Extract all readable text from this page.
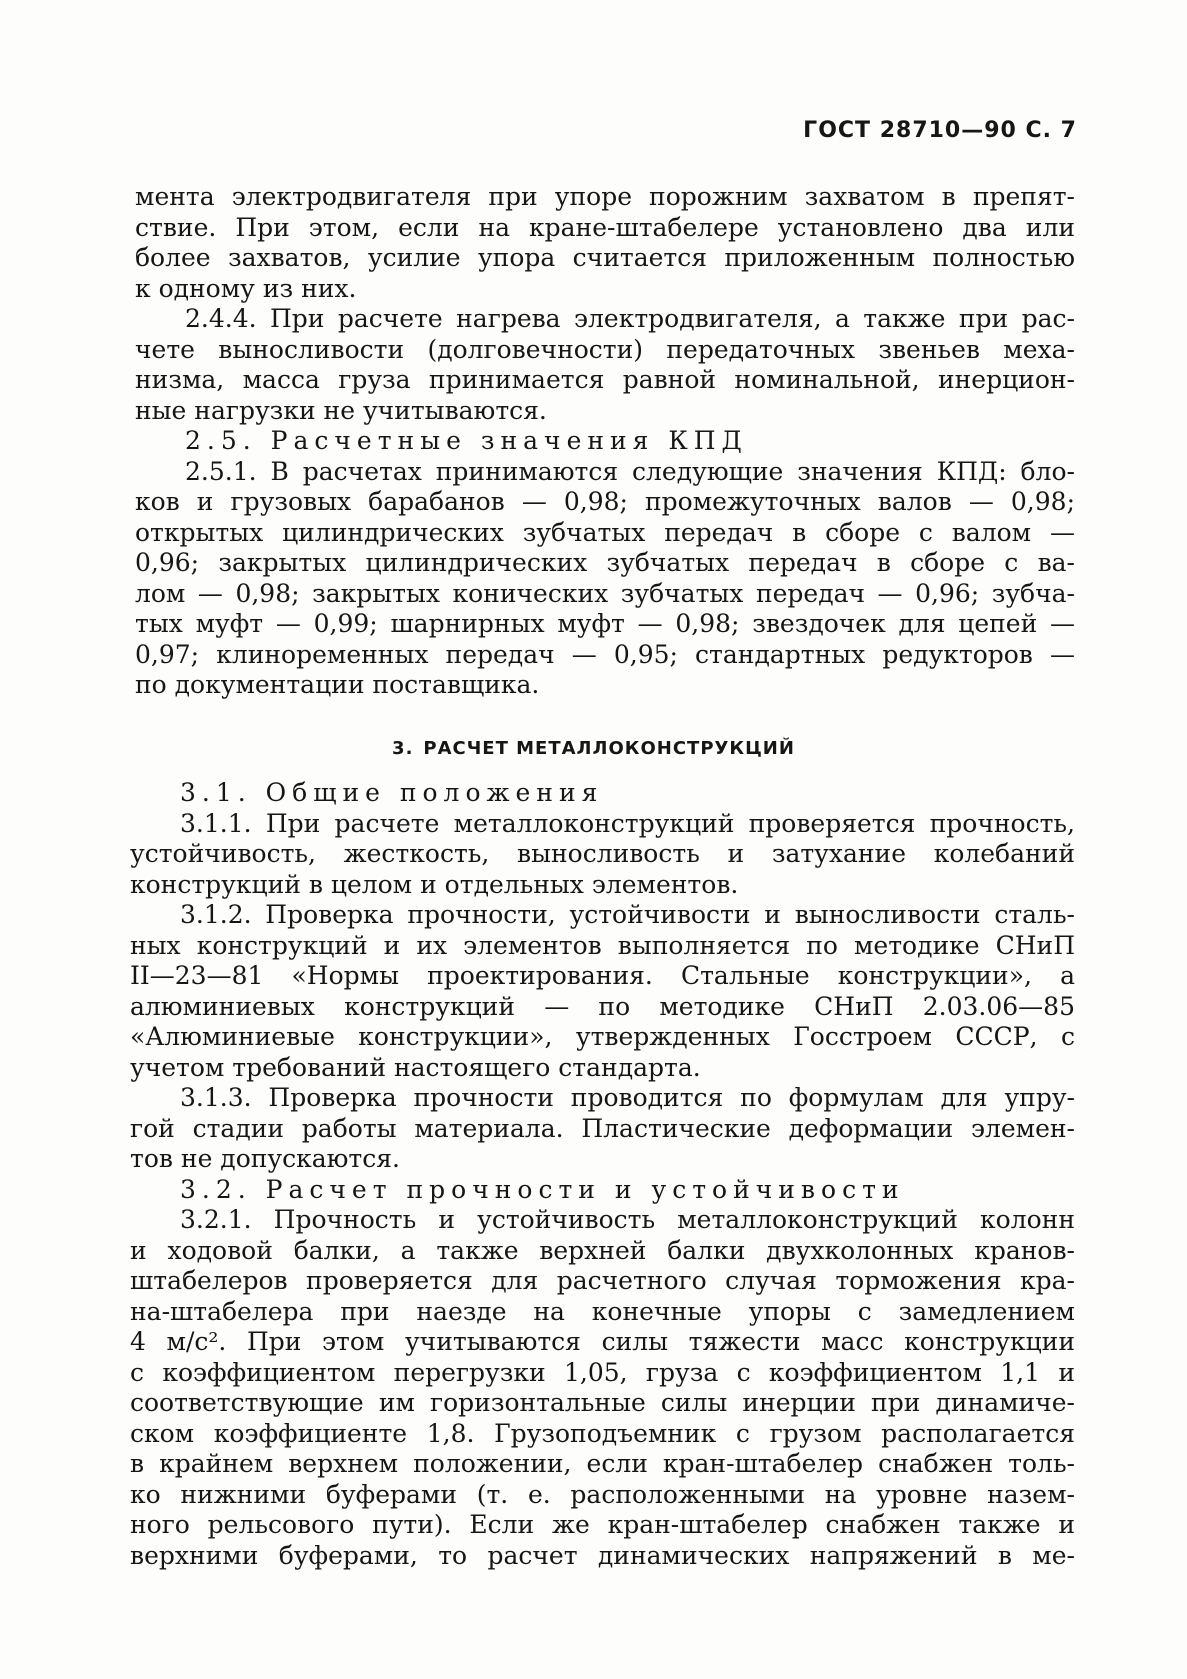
ГОСТ 28710—90 С. 7
мента электродвигателя при упоре порожним захватом в препят-
ствие. При этом, если на кране-штабелере установлено два или
более захватов, усилие упора считается приложенным полностью
к одному из них.
2.4.4. При расчете нагрева электродвигателя, а также при рас-
чете выносливости (долговечности) передаточных звеньев меха-
низма, масса груза принимается равной номинальной, инерцион-
ные нагрузки не учитываются.
2.5. Расчетные значения КПД
2.5.1. В расчетах принимаются следующие значения КПД: бло-
ков и грузовых барабанов — 0,98; промежуточных валов — 0,98;
открытых цилиндрических зубчатых передач в сборе с валом —
0,96; закрытых цилиндрических зубчатых передач в сборе с ва-
лом — 0,98; закрытых конических зубчатых передач — 0,96; зубча-
тых муфт — 0,99; шарнирных муфт — 0,98; звездочек для цепей —
0,97; клиноременных передач — 0,95; стандартных редукторов —
по документации поставщика.
3. РАСЧЕТ МЕТАЛЛОКОНСТРУКЦИЙ
3.1. Общие положения
3.1.1. При расчете металлоконструкций проверяется прочность,
устойчивость, жесткость, выносливость и затухание колебаний
конструкций в целом и отдельных элементов.
3.1.2. Проверка прочности, устойчивости и выносливости сталь-
ных конструкций и их элементов выполняется по методике СНиП
II—23—81 «Нормы проектирования. Стальные конструкции», а
алюминиевых конструкций — по методике СНиП 2.03.06—85
«Алюминиевые конструкции», утвержденных Госстроем СССР, с
учетом требований настоящего стандарта.
3.1.3. Проверка прочности проводится по формулам для упру-
гой стадии работы материала. Пластические деформации элемен-
тов не допускаются.
3.2. Расчет прочности и устойчивости
3.2.1. Прочность и устойчивость металлоконструкций колонн
и ходовой балки, а также верхней балки двухколонных кранов-
штабелеров проверяется для расчетного случая торможения кра-
на-штабелера при наезде на конечные упоры с замедлением
4 м/с². При этом учитываются силы тяжести масс конструкции
с коэффициентом перегрузки 1,05, груза с коэффициентом 1,1 и
соответствующие им горизонтальные силы инерции при динамиче-
ском коэффициенте 1,8. Грузоподъемник с грузом располагается
в крайнем верхнем положении, если кран-штабелер снабжен толь-
ко нижними буферами (т. е. расположенными на уровне назем-
ного рельсового пути). Если же кран-штабелер снабжен также и
верхними буферами, то расчет динамических напряжений в ме-
